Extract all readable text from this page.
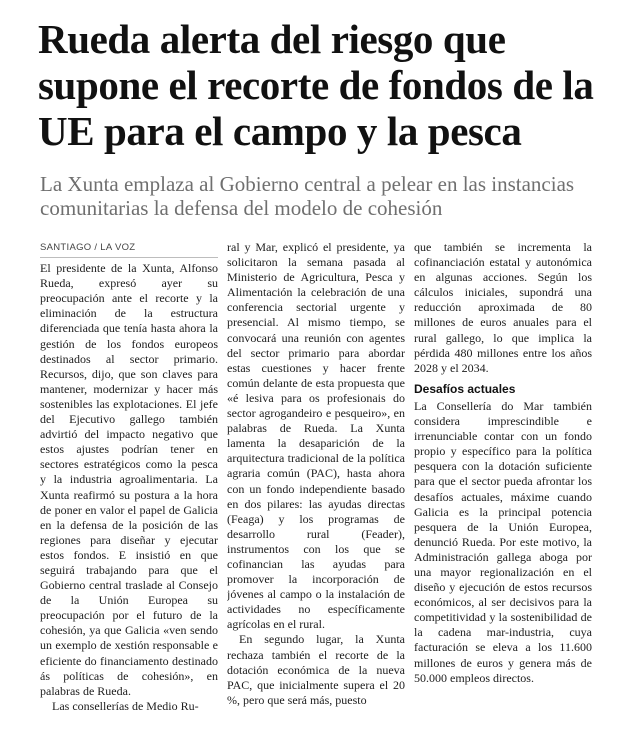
Rueda alerta del riesgo que supone el recorte de fondos de la UE para el campo y la pesca
La Xunta emplaza al Gobierno central a pelear en las instancias comunitarias la defensa del modelo de cohesión
SANTIAGO / LA VOZ

El presidente de la Xunta, Alfonso Rueda, expresó ayer su preocupación ante el recorte y la eliminación de la estructura diferenciada que tenía hasta ahora la gestión de los fondos europeos destinados al sector primario. Recursos, dijo, que son claves para mantener, modernizar y hacer más sostenibles las explotaciones. El jefe del Ejecutivo gallego también advirtió del impacto negativo que estos ajustes podrían tener en sectores estratégicos como la pesca y la industria agroalimentaria. La Xunta reafirmó su postura a la hora de poner en valor el papel de Galicia en la defensa de la posición de las regiones para diseñar y ejecutar estos fondos. E insistió en que seguirá trabajando para que el Gobierno central traslade al Consejo de la Unión Europea su preocupación por el futuro de la cohesión, ya que Galicia «ven sendo un exemplo de xestión responsable e eficiente do financiamento destinado ás políticas de cohesión», en palabras de Rueda.

Las consellerías de Medio Ru-

ral y Mar, explicó el presidente, ya solicitaron la semana pasada al Ministerio de Agricultura, Pesca y Alimentación la celebración de una conferencia sectorial urgente y presencial. Al mismo tiempo, se convocará una reunión con agentes del sector primario para abordar estas cuestiones y hacer frente común delante de esta propuesta que «é lesiva para os profesionais do sector agrogandeiro e pesqueiro», en palabras de Rueda. La Xunta lamenta la desaparición de la arquitectura tradicional de la política agraria común (PAC), hasta ahora con un fondo independiente basado en dos pilares: las ayudas directas (Feaga) y los programas de desarrollo rural (Feader), instrumentos con los que se cofinancian las ayudas para promover la incorporación de jóvenes al campo o la instalación de actividades no específicamente agrícolas en el rural.

En segundo lugar, la Xunta rechaza también el recorte de la dotación económica de la nueva PAC, que inicialmente supera el 20 %, pero que será más, puesto

que también se incrementa la cofinanciación estatal y autonómica en algunas acciones. Según los cálculos iniciales, supondrá una reducción aproximada de 80 millones de euros anuales para el rural gallego, lo que implica la pérdida 480 millones entre los años 2028 y el 2034.

Desafíos actuales

La Consellería do Mar también considera imprescindible e irrenunciable contar con un fondo propio y específico para la política pesquera con la dotación suficiente para que el sector pueda afrontar los desafíos actuales, máxime cuando Galicia es la principal potencia pesquera de la Unión Europea, denunció Rueda. Por este motivo, la Administración gallega aboga por una mayor regionalización en el diseño y ejecución de estos recursos económicos, al ser decisivos para la competitividad y la sostenibilidad de la cadena mar-industria, cuya facturación se eleva a los 11.600 millones de euros y genera más de 50.000 empleos directos.
